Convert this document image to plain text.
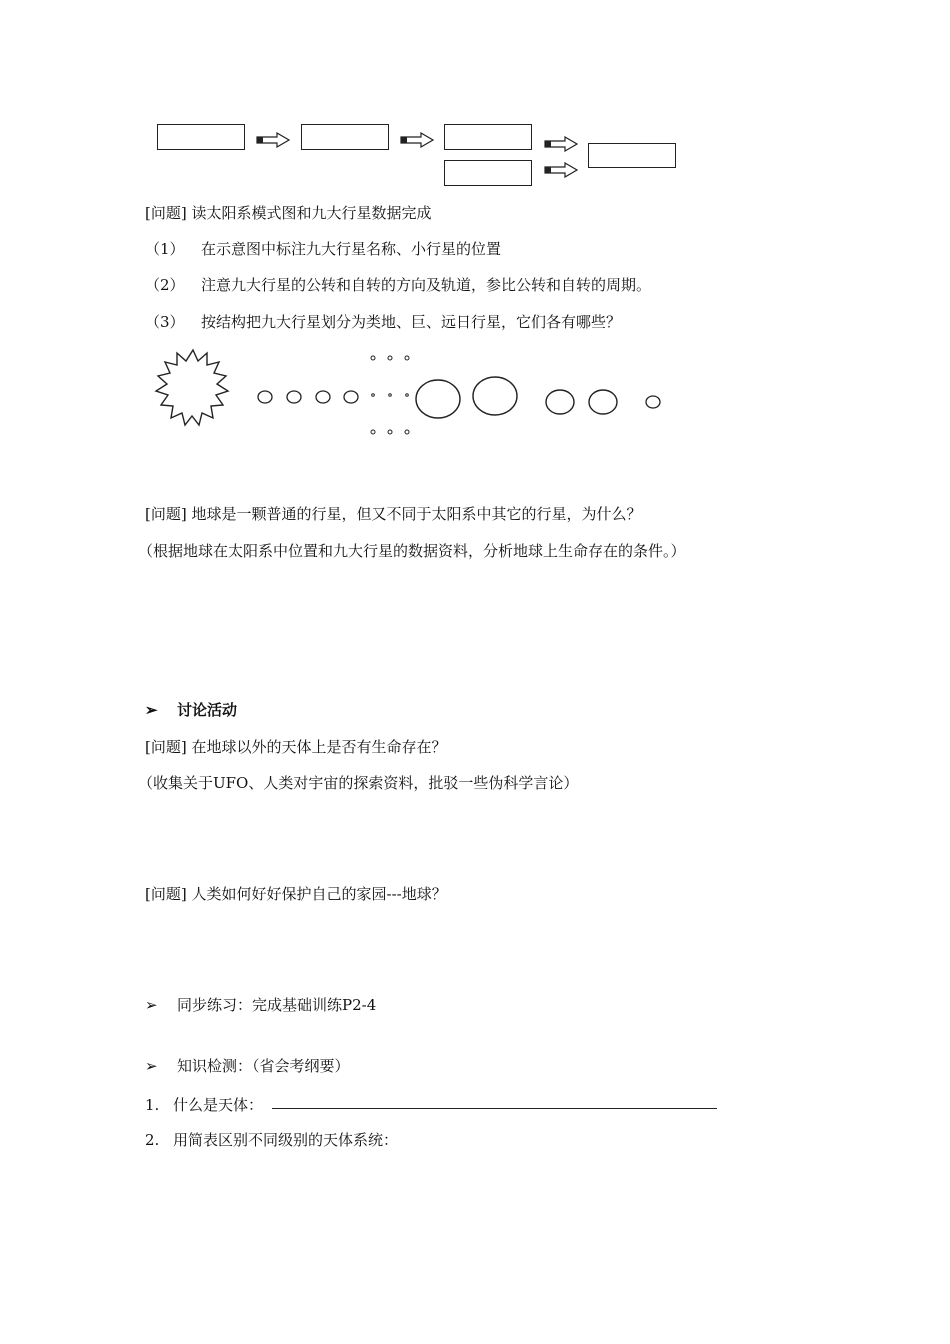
[问题] 读太阳系模式图和九大行星数据完成
（1） 在示意图中标注九大行星名称、小行星的位置
（2） 注意九大行星的公转和自转的方向及轨道，参比公转和自转的周期。
（3） 按结构把九大行星划分为类地、巨、远日行星，它们各有哪些？
[问题] 地球是一颗普通的行星，但又不同于太阳系中其它的行星，为什么？
（根据地球在太阳系中位置和九大行星的数据资料，分析地球上生命存在的条件。）
➢ 讨论活动
[问题] 在地球以外的天体上是否有生命存在？
（收集关于UFO、人类对宇宙的探索资料，批驳一些伪科学言论）
[问题] 人类如何好好保护自己的家园---地球？
➢ 同步练习：完成基础训练P2-4
➢ 知识检测：（省会考纲要）
1. 什么是天体：
2. 用简表区别不同级别的天体系统：
